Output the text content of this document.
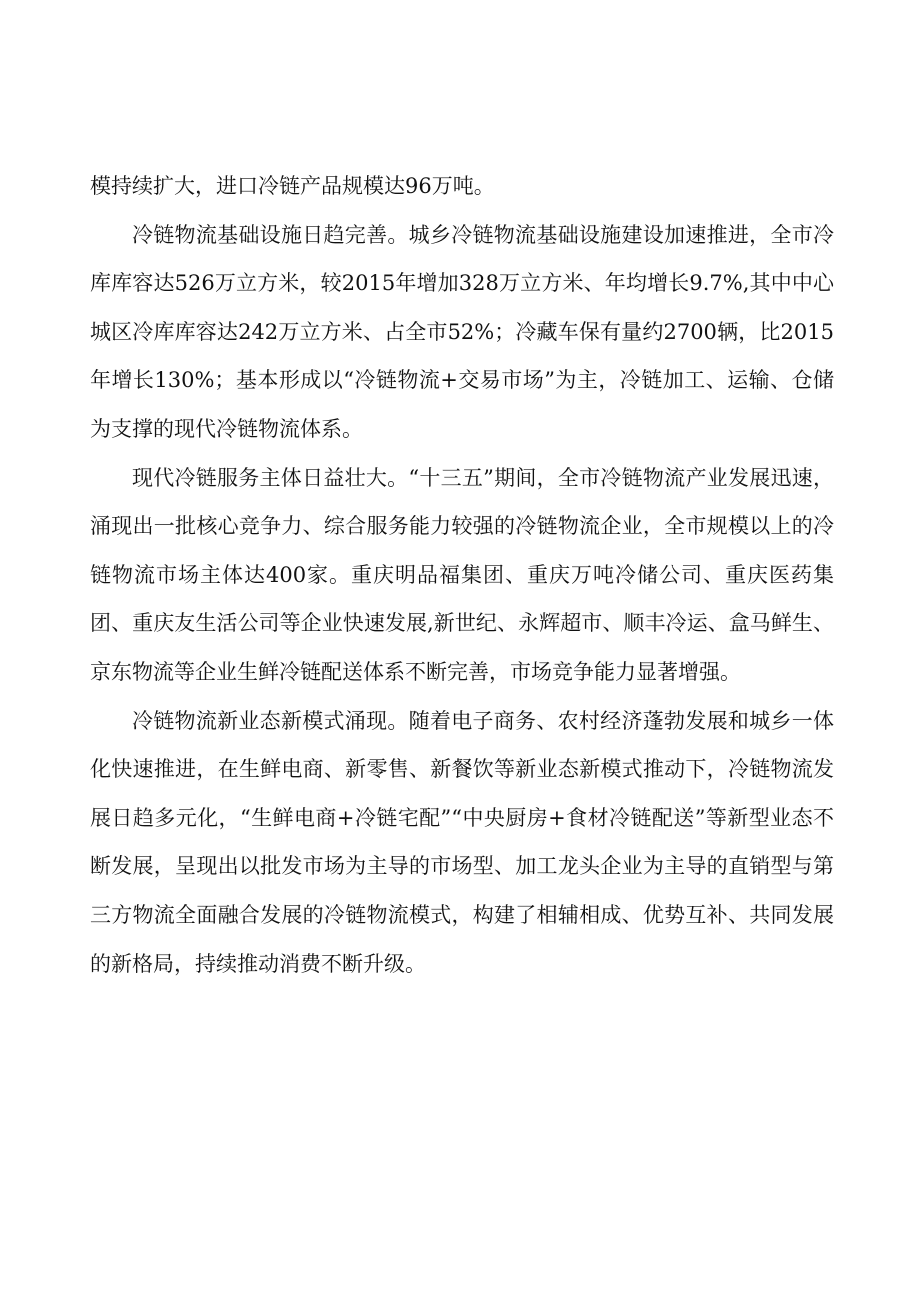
模持续扩大，进口冷链产品规模达96万吨。

冷链物流基础设施日趋完善。城乡冷链物流基础设施建设加速推进，全市冷库库容达526万立方米，较2015年增加328万立方米、年均增长9.7%,其中中心城区冷库库容达242万立方米、占全市52%；冷藏车保有量约2700辆，比2015年增长130%；基本形成以“冷链物流+交易市场”为主，冷链加工、运输、仓储为支撑的现代冷链物流体系。

现代冷链服务主体日益壮大。“十三五”期间，全市冷链物流产业发展迅速，涌现出一批核心竞争力、综合服务能力较强的冷链物流企业，全市规模以上的冷链物流市场主体达400家。重庆明品福集团、重庆万吨冷储公司、重庆医药集团、重庆友生活公司等企业快速发展,新世纪、永辉超市、顺丰冷运、盒马鲜生、京东物流等企业生鲜冷链配送体系不断完善，市场竞争能力显著增强。

冷链物流新业态新模式涌现。随着电子商务、农村经济蓬勃发展和城乡一体化快速推进，在生鲜电商、新零售、新餐饮等新业态新模式推动下，冷链物流发展日趋多元化，“生鲜电商+冷链宅配”“中央厨房+食材冷链配送”等新型业态不断发展，呈现出以批发市场为主导的市场型、加工龙头企业为主导的直销型与第三方物流全面融合发展的冷链物流模式，构建了相辅相成、优势互补、共同发展的新格局，持续推动消费不断升级。
